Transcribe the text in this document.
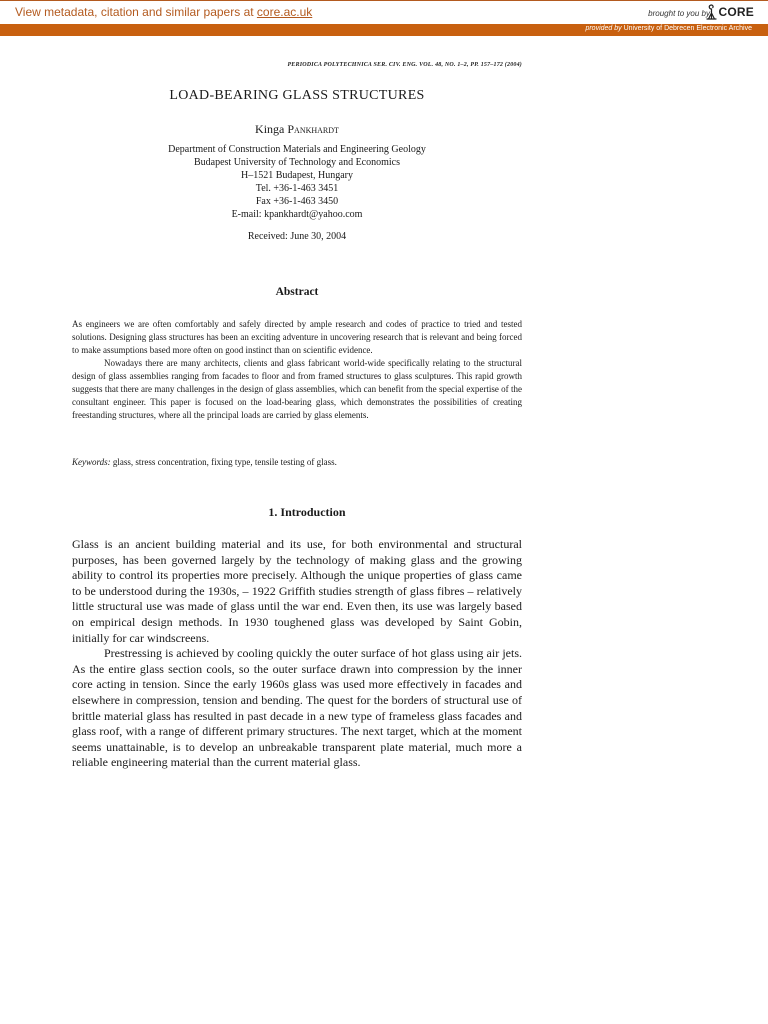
View metadata, citation and similar papers at core.ac.uk	brought to you by CORE
provided by University of Debrecen Electronic Archive
PERIODICA POLYTECHNICA SER. CIV. ENG. VOL. 48, NO. 1–2, PP. 157–172 (2004)
LOAD-BEARING GLASS STRUCTURES
Kinga Pankhardt
Department of Construction Materials and Engineering Geology
Budapest University of Technology and Economics
H–1521 Budapest, Hungary
Tel. +36-1-463 3451
Fax +36-1-463 3450
E-mail: kpankhardt@yahoo.com
Received: June 30, 2004
Abstract

As engineers we are often comfortably and safely directed by ample research and codes of practice to tried and tested solutions. Designing glass structures has been an exciting adventure in uncovering research that is relevant and being forced to make assumptions based more often on good instinct than on scientific evidence.

Nowadays there are many architects, clients and glass fabricant world-wide specifically relating to the structural design of glass assemblies ranging from facades to floor and from framed structures to glass sculptures. This rapid growth suggests that there are many challenges in the design of glass assemblies, which can benefit from the special expertise of the consultant engineer. This paper is focused on the load-bearing glass, which demonstrates the possibilities of creating freestanding structures, where all the principal loads are carried by glass elements.

Keywords: glass, stress concentration, fixing type, tensile testing of glass.
1. Introduction

Glass is an ancient building material and its use, for both environmental and structural purposes, has been governed largely by the technology of making glass and the growing ability to control its properties more precisely. Although the unique properties of glass came to be understood during the 1930s, – 1922 Griffith studies strength of glass fibres – relatively little structural use was made of glass until the war end. Even then, its use was largely based on empirical design methods. In 1930 toughened glass was developed by Saint Gobin, initially for car windscreens.

Prestressing is achieved by cooling quickly the outer surface of hot glass using air jets. As the entire glass section cools, so the outer surface drawn into compression by the inner core acting in tension. Since the early 1960s glass was used more effectively in facades and elsewhere in compression, tension and bending. The quest for the borders of structural use of brittle material glass has resulted in past decade in a new type of frameless glass facades and glass roof, with a range of different primary structures. The next target, which at the moment seems unattainable, is to develop an unbreakable transparent plate material, much more a reliable engineering material than the current material glass.
